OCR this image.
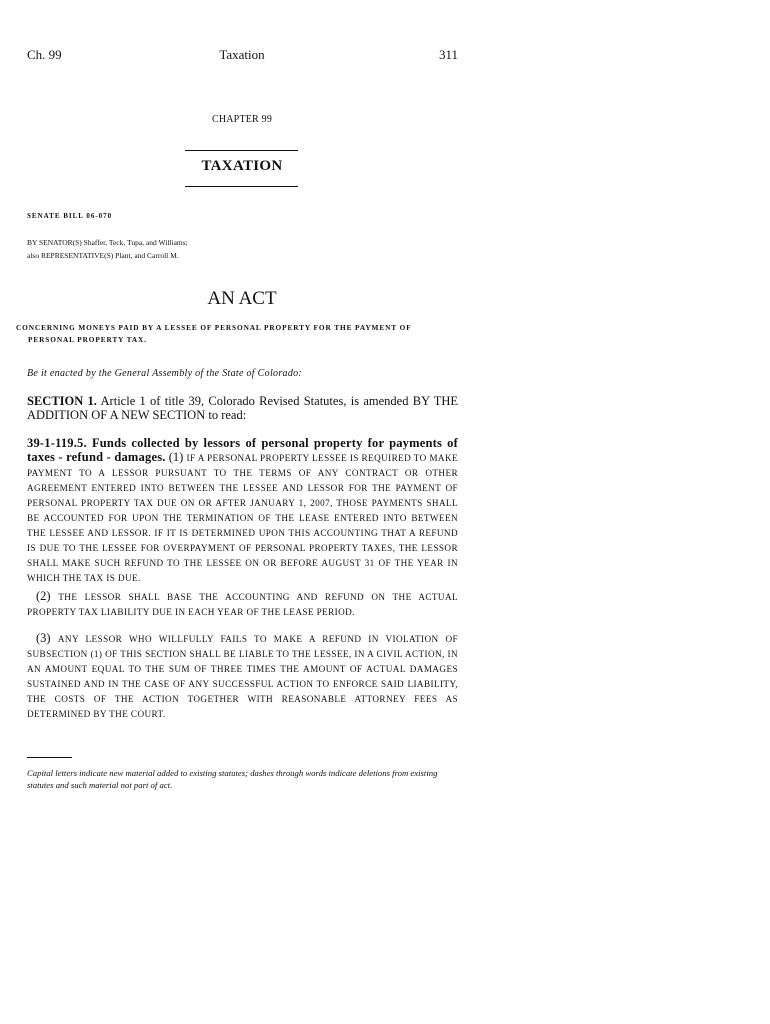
Ch. 99	Taxation	311
CHAPTER 99
TAXATION
SENATE BILL 06-070
BY SENATOR(S) Shaffer, Teck, Tupa, and Williams;
also REPRESENTATIVE(S) Plant, and Carroll M.
AN ACT
CONCERNING MONEYS PAID BY A LESSEE OF PERSONAL PROPERTY FOR THE PAYMENT OF PERSONAL PROPERTY TAX.
Be it enacted by the General Assembly of the State of Colorado:
SECTION 1. Article 1 of title 39, Colorado Revised Statutes, is amended BY THE ADDITION OF A NEW SECTION to read:
39-1-119.5. Funds collected by lessors of personal property for payments of taxes - refund - damages. (1) IF A PERSONAL PROPERTY LESSEE IS REQUIRED TO MAKE PAYMENT TO A LESSOR PURSUANT TO THE TERMS OF ANY CONTRACT OR OTHER AGREEMENT ENTERED INTO BETWEEN THE LESSEE AND LESSOR FOR THE PAYMENT OF PERSONAL PROPERTY TAX DUE ON OR AFTER JANUARY 1, 2007, THOSE PAYMENTS SHALL BE ACCOUNTED FOR UPON THE TERMINATION OF THE LEASE ENTERED INTO BETWEEN THE LESSEE AND LESSOR. IF IT IS DETERMINED UPON THIS ACCOUNTING THAT A REFUND IS DUE TO THE LESSEE FOR OVERPAYMENT OF PERSONAL PROPERTY TAXES, THE LESSOR SHALL MAKE SUCH REFUND TO THE LESSEE ON OR BEFORE AUGUST 31 OF THE YEAR IN WHICH THE TAX IS DUE.
(2) THE LESSOR SHALL BASE THE ACCOUNTING AND REFUND ON THE ACTUAL PROPERTY TAX LIABILITY DUE IN EACH YEAR OF THE LEASE PERIOD.
(3) ANY LESSOR WHO WILLFULLY FAILS TO MAKE A REFUND IN VIOLATION OF SUBSECTION (1) OF THIS SECTION SHALL BE LIABLE TO THE LESSEE, IN A CIVIL ACTION, IN AN AMOUNT EQUAL TO THE SUM OF THREE TIMES THE AMOUNT OF ACTUAL DAMAGES SUSTAINED AND IN THE CASE OF ANY SUCCESSFUL ACTION TO ENFORCE SAID LIABILITY, THE COSTS OF THE ACTION TOGETHER WITH REASONABLE ATTORNEY FEES AS DETERMINED BY THE COURT.
Capital letters indicate new material added to existing statutes; dashes through words indicate deletions from existing statutes and such material not part of act.
